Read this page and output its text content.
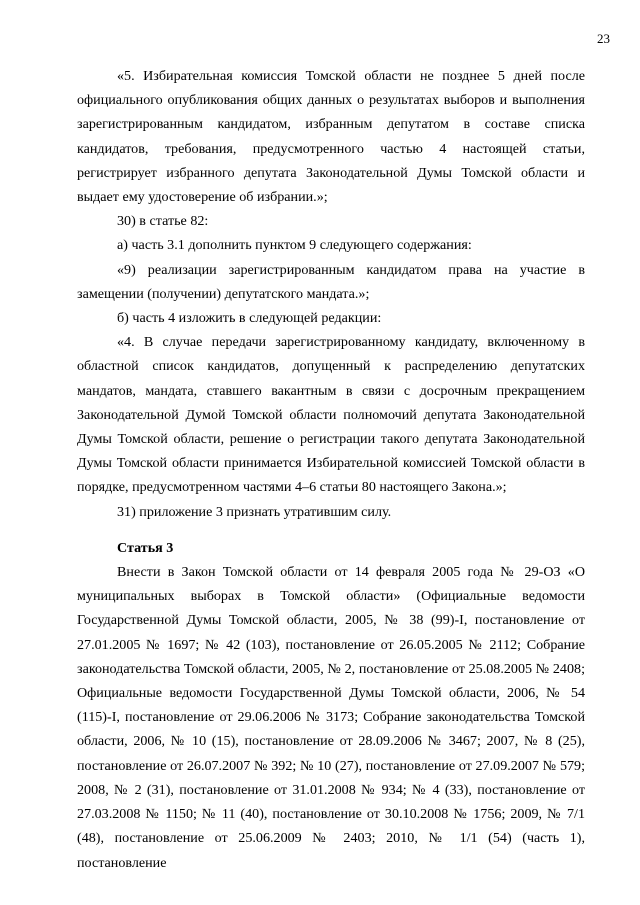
23

«5. Избирательная комиссия Томской области не позднее 5 дней после официального опубликования общих данных о результатах выборов и выполнения зарегистрированным кандидатом, избранным депутатом в составе списка кандидатов, требования, предусмотренного частью 4 настоящей статьи, регистрирует избранного депутата Законодательной Думы Томской области и выдает ему удостоверение об избрании.»;

30) в статье 82:

а) часть 3.1 дополнить пунктом 9 следующего содержания:

«9) реализации зарегистрированным кандидатом права на участие в замещении (получении) депутатского мандата.»;

б) часть 4 изложить в следующей редакции:

«4. В случае передачи зарегистрированному кандидату, включенному в областной список кандидатов, допущенный к распределению депутатских мандатов, мандата, ставшего вакантным в связи с досрочным прекращением Законодательной Думой Томской области полномочий депутата Законодательной Думы Томской области, решение о регистрации такого депутата Законодательной Думы Томской области принимается Избирательной комиссией Томской области в порядке, предусмотренном частями 4–6 статьи 80 настоящего Закона.»;

31) приложение 3 признать утратившим силу.

Статья 3

Внести в Закон Томской области от 14 февраля 2005 года № 29-ОЗ «О муниципальных выборах в Томской области» (Официальные ведомости Государственной Думы Томской области, 2005, № 38 (99)-I, постановление от 27.01.2005 № 1697; № 42 (103), постановление от 26.05.2005 № 2112; Собрание законодательства Томской области, 2005, № 2, постановление от 25.08.2005 № 2408; Официальные ведомости Государственной Думы Томской области, 2006, № 54 (115)-I, постановление от 29.06.2006 № 3173; Собрание законодательства Томской области, 2006, № 10 (15), постановление от 28.09.2006 № 3467; 2007, № 8 (25), постановление от 26.07.2007 № 392; № 10 (27), постановление от 27.09.2007 № 579; 2008, № 2 (31), постановление от 31.01.2008 № 934; № 4 (33), постановление от 27.03.2008 № 1150; № 11 (40), постановление от 30.10.2008 № 1756; 2009, № 7/1 (48), постановление от 25.06.2009 № 2403; 2010, № 1/1 (54) (часть 1), постановление
